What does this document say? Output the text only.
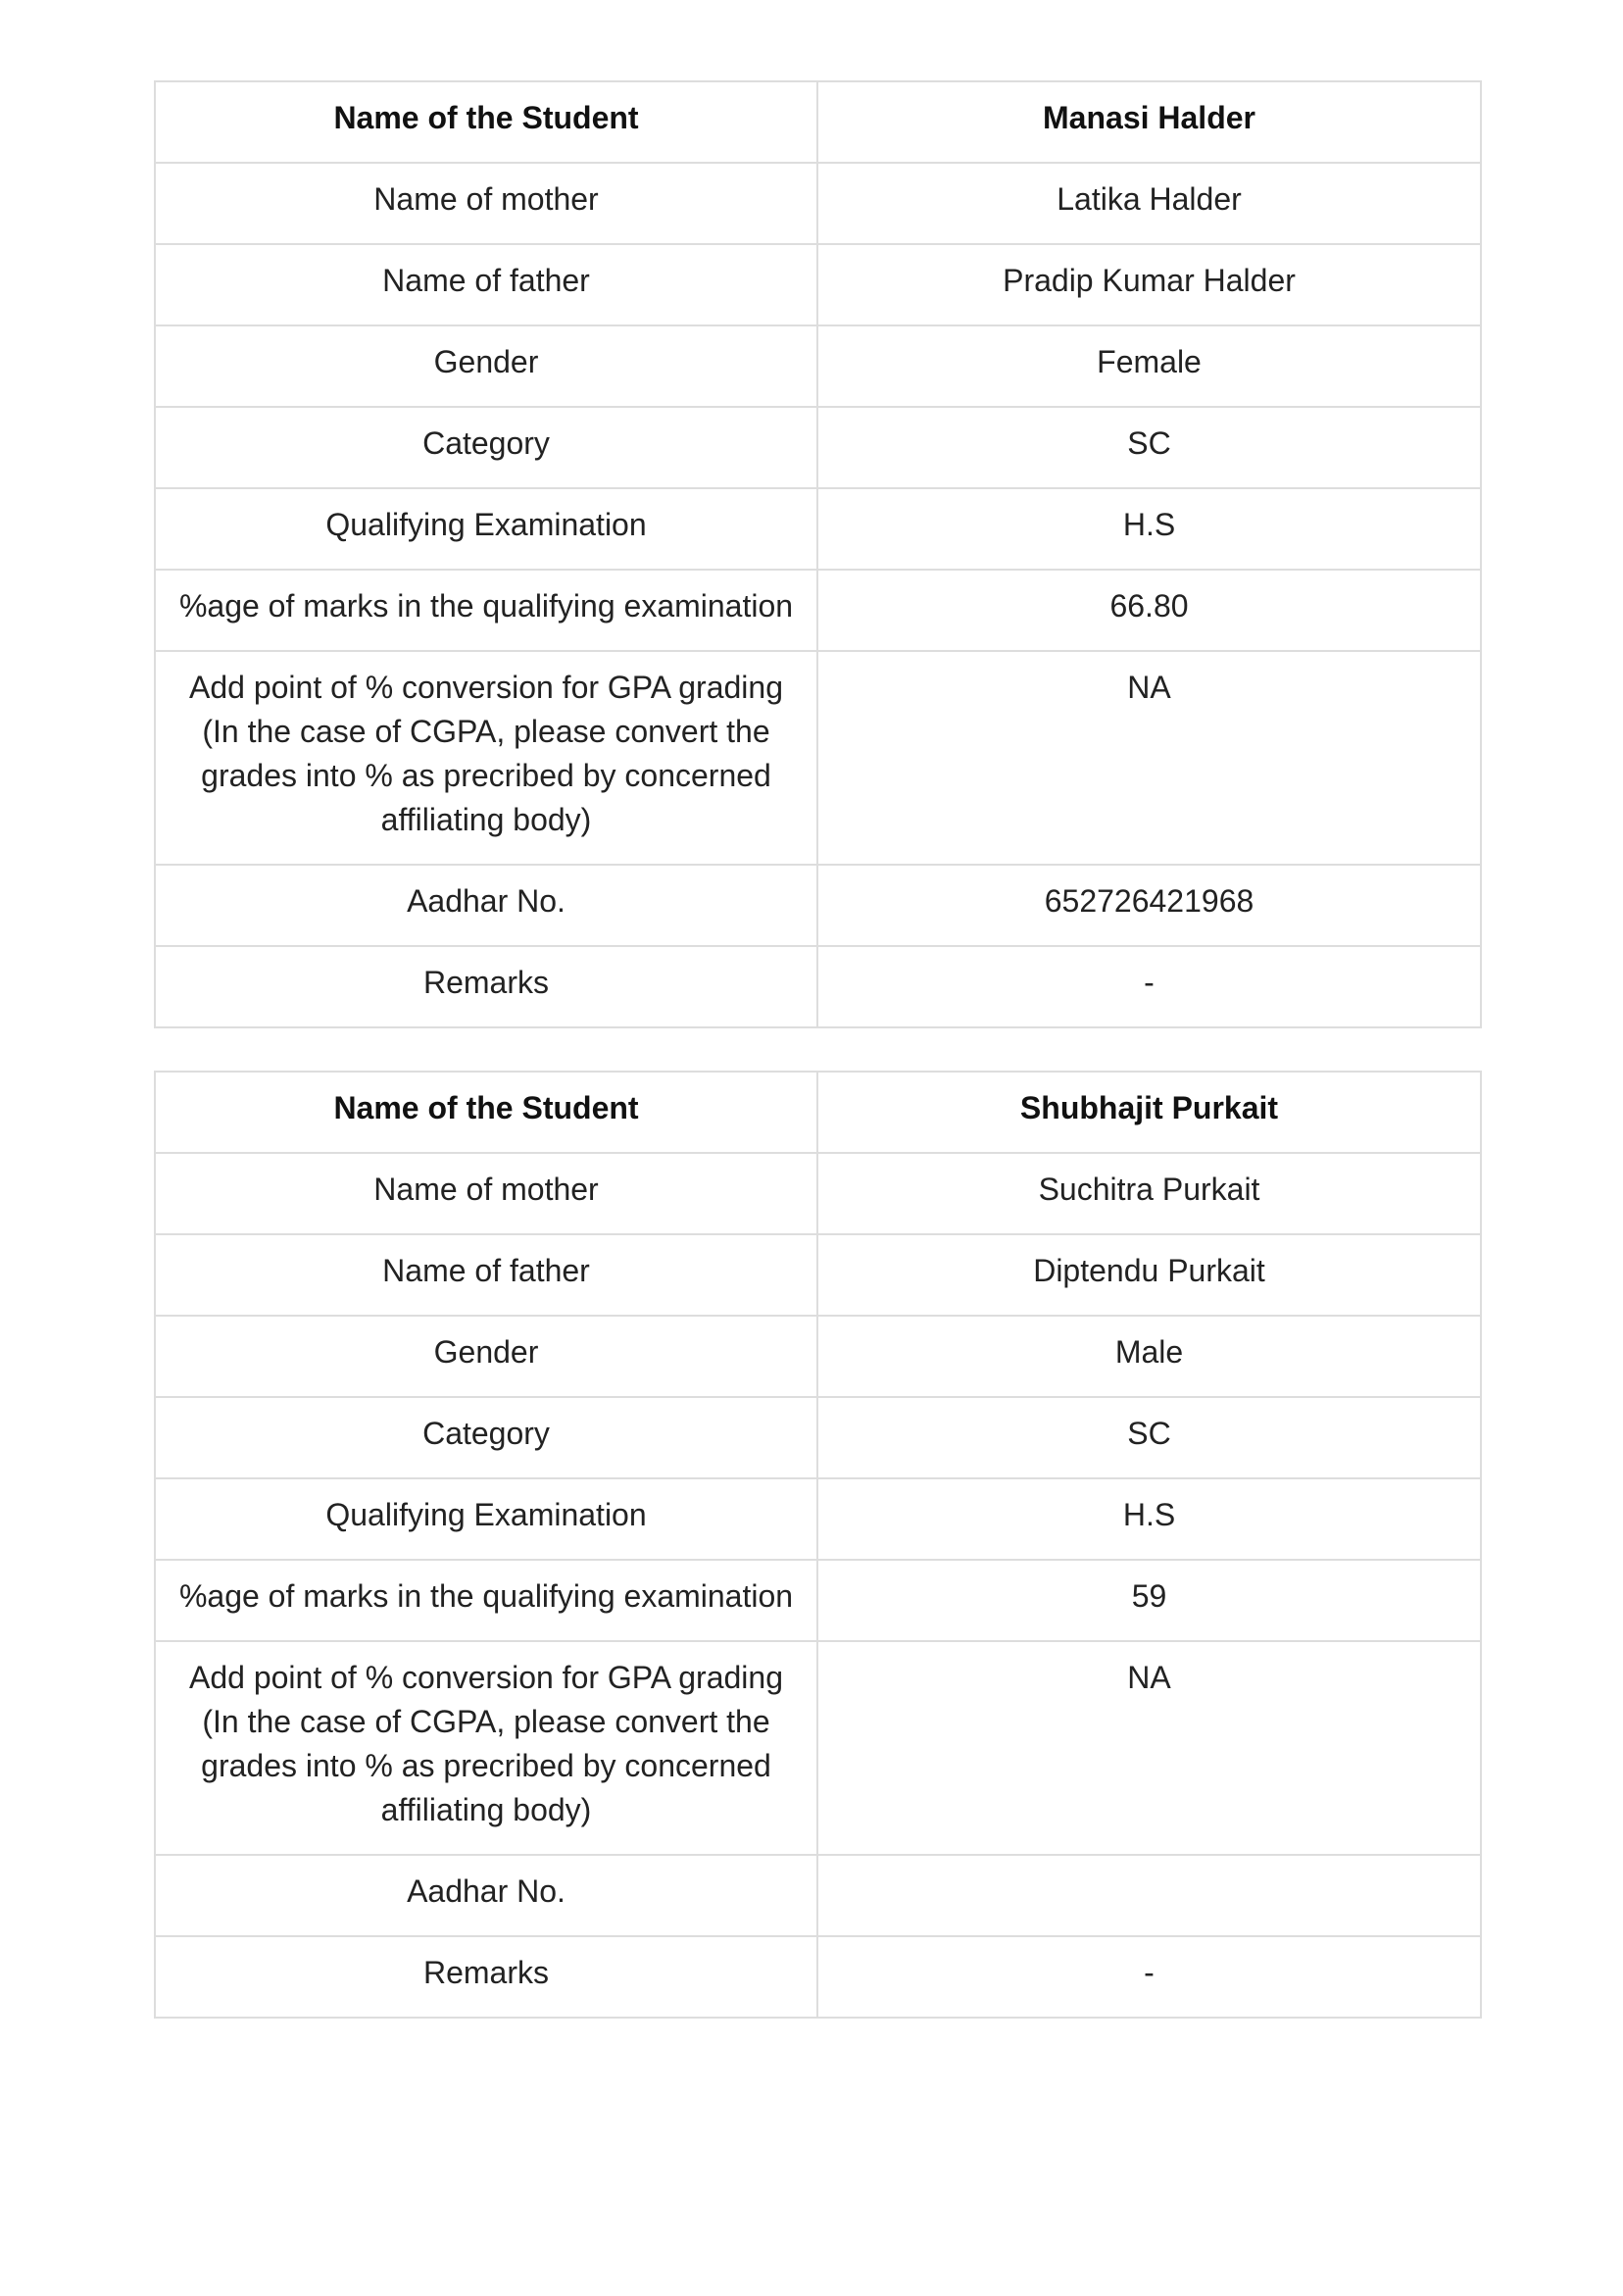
Name of the Student	Manasi Halder
Name of mother	Latika Halder
Name of father	Pradip Kumar Halder
Gender	Female
Category	SC
Qualifying Examination	H.S
%age of marks in the qualifying examination	66.80
Add point of % conversion for GPA grading (In the case of CGPA, please convert the grades into % as precribed by concerned affiliating body)	NA
Aadhar No.	652726421968
Remarks	-
Name of the Student	Shubhajit Purkait
Name of mother	Suchitra Purkait
Name of father	Diptendu Purkait
Gender	Male
Category	SC
Qualifying Examination	H.S
%age of marks in the qualifying examination	59
Add point of % conversion for GPA grading (In the case of CGPA, please convert the grades into % as precribed by concerned affiliating body)	NA
Aadhar No.	
Remarks	-
